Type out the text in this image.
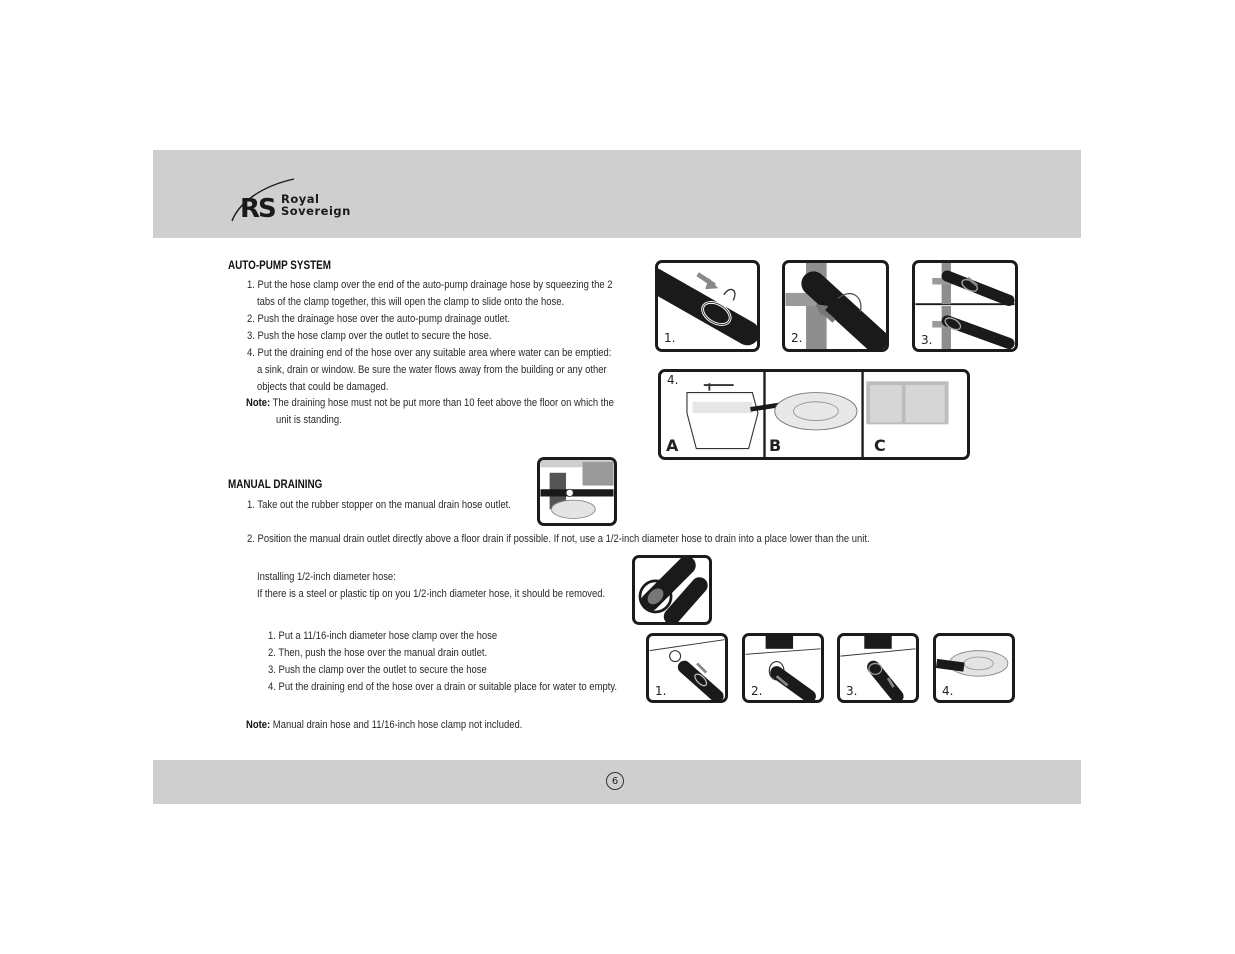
RS Royal
Sovereign
AUTO-PUMP SYSTEM
1. Put the hose clamp over the end of the auto-pump drainage hose by squeezing the 2
tabs of the clamp together, this will open the clamp to slide onto the hose.
2. Push the drainage hose over the auto-pump drainage outlet.
3. Push the hose clamp over the outlet to secure the hose.
4. Put the draining end of the hose over any suitable area where water can be emptied:
a sink, drain or window. Be sure the water flows away from the building or any other
objects that could be damaged.
Note: The draining hose must not be put more than 10 feet above the floor on which the
unit is standing.
1.	2.	3.
4.
A	B	C
MANUAL DRAINING
1. Take out the rubber stopper on the manual drain hose outlet.
2. Position the manual drain outlet directly above a floor drain if possible. If not, use a 1/2-inch diameter hose to drain into a place lower than the unit.
Installing 1/2-inch diameter hose:
If there is a steel or plastic tip on you 1/2-inch diameter hose, it should be removed.
1. Put a 11/16-inch diameter hose clamp over the hose
2. Then, push the hose over the manual drain outlet.
3. Push the clamp over the outlet to secure the hose
4. Put the draining end of the hose over a drain or suitable place for water to empty.	1.	2.	3.	4.
Note: Manual drain hose and 11/16-inch hose clamp not included.
6
